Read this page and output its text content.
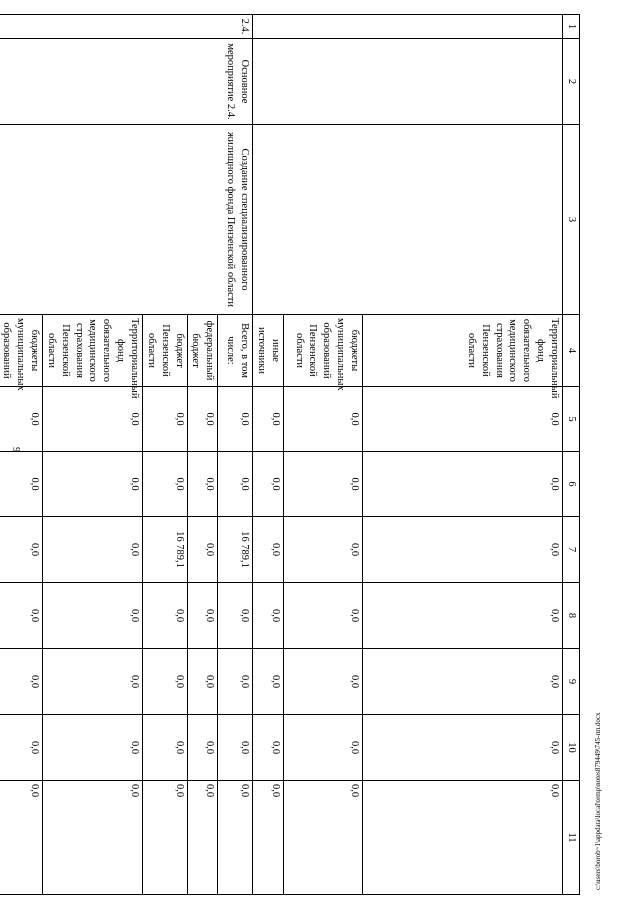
9
1	2	3	4	5	6	7	8	9	10	11
			Территориальный фонд обязательного медицинского страхования Пензенской области	0,0	0,0	0,0	0,0	0,0	0,0	0,0
			бюджеты муниципальных образований Пензенской области	0,0	0,0	0,0	0,0	0,0	0,0	0,0
			иные источники	0,0	0,0	0,0	0,0	0,0	0,0	0,0
2.4.	Основное мероприятие 2.4.	Создание специализированного жилищного фонда Пензенской области	Всего, в том числе:	0,0	0,0	16 789,1	0,0	0,0	0,0	0,0
			федеральный бюджет	0,0	0,0	0,0	0,0	0,0	0,0	0,0
			бюджет Пензенской области	0,0	0,0	16 789,1	0,0	0,0	0,0	0,0
			Территориальный фонд обязательного медицинского страхования Пензенской области	0,0	0,0	0,0	0,0	0,0	0,0	0,0
			бюджеты муниципальных образований	0,0	0,0	0,0	0,0	0,0	0,0	0,0
								c:\users\borob~1\appdata\local\temp\notes879449\745-пп.docx
